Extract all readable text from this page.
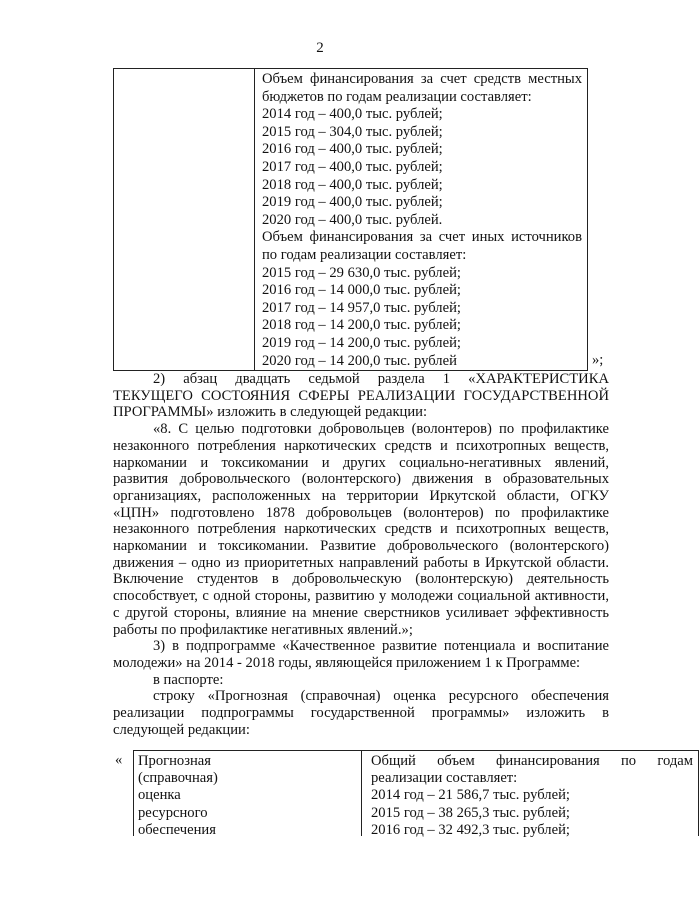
2
Объем финансирования за счет средств местных
бюджетов по годам реализации составляет:
2014 год – 400,0 тыс. рублей;
2015 год – 304,0 тыс. рублей;
2016 год – 400,0 тыс. рублей;
2017 год – 400,0 тыс. рублей;
2018 год – 400,0 тыс. рублей;
2019 год – 400,0 тыс. рублей;
2020 год – 400,0 тыс. рублей.
Объем финансирования за счет иных источников
по годам реализации составляет:
2015 год – 29 630,0 тыс. рублей;
2016 год – 14 000,0 тыс. рублей;
2017 год – 14 957,0 тыс. рублей;
2018 год – 14 200,0 тыс. рублей;
2019 год – 14 200,0 тыс. рублей;
2020 год – 14 200,0 тыс. рублей	»;

2) абзац двадцать седьмой раздела 1 «ХАРАКТЕРИСТИКА

ТЕКУЩЕГО СОСТОЯНИЯ СФЕРЫ РЕАЛИЗАЦИИ ГОСУДАРСТВЕННОЙ ПРОГРАММЫ» изложить в следующей редакции:

«8. С целью подготовки добровольцев (волонтеров) по профилактике незаконного потребления наркотических средств и психотропных веществ, наркомании и токсикомании и других социально-негативных явлений, развития добровольческого (волонтерского) движения в образовательных организациях, расположенных на территории Иркутской области, ОГКУ «ЦПН» подготовлено 1878 добровольцев (волонтеров) по профилактике незаконного потребления наркотических средств и психотропных веществ, наркомании и токсикомании. Развитие добровольческого (волонтерского) движения – одно из приоритетных направлений работы в Иркутской области. Включение студентов в добровольческую (волонтерскую) деятельность способствует, с одной стороны, развитию у молодежи социальной активности, с другой стороны, влияние на мнение сверстников усиливает эффективность работы по профилактике негативных явлений.»;

3) в подпрограмме «Качественное развитие потенциала и воспитание молодежи» на 2014 - 2018 годы, являющейся приложением 1 к Программе:

в паспорте:

строку «Прогнозная (справочная) оценка ресурсного обеспечения реализации подпрограммы государственной программы» изложить в следующей редакции:

« Прогнозная
(справочная)
оценка
ресурсного
обеспечения
Общий объем финансирования по годам
реализации составляет:
2014 год – 21 586,7 тыс. рублей;
2015 год – 38 265,3 тыс. рублей;
2016 год – 32 492,3 тыс. рублей;
